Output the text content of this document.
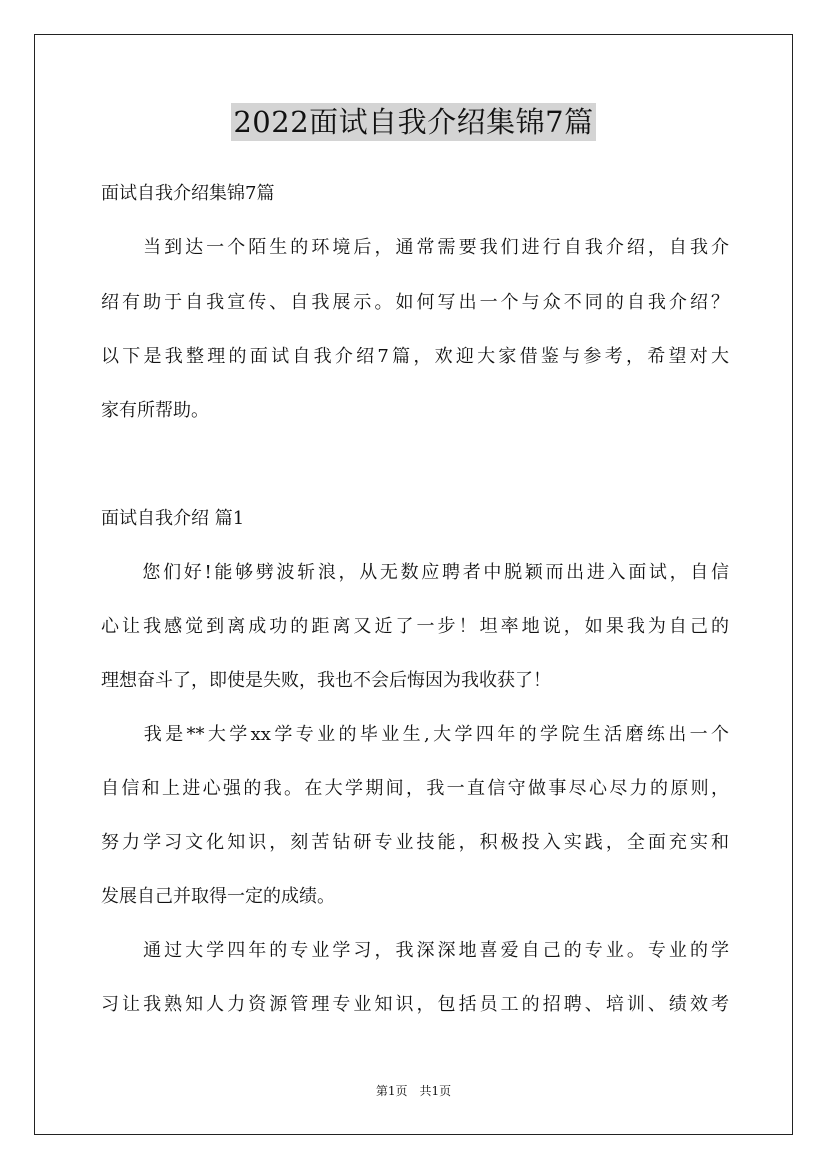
2022面试自我介绍集锦7篇

面试自我介绍集锦7篇

　　当到达一个陌生的环境后，通常需要我们进行自我介绍，自我介

绍有助于自我宣传、自我展示。如何写出一个与众不同的自我介绍？

以下是我整理的面试自我介绍7篇，欢迎大家借鉴与参考，希望对大

家有所帮助。

面试自我介绍 篇1

　　您们好!能够劈波斩浪，从无数应聘者中脱颖而出进入面试，自信

心让我感觉到离成功的距离又近了一步！坦率地说，如果我为自己的

理想奋斗了，即使是失败，我也不会后悔因为我收获了！

　　我是**大学xx学专业的毕业生,大学四年的学院生活磨练出一个

自信和上进心强的我。在大学期间，我一直信守做事尽心尽力的原则，

努力学习文化知识，刻苦钻研专业技能，积极投入实践，全面充实和

发展自己并取得一定的成绩。

　　通过大学四年的专业学习，我深深地喜爱自己的专业。专业的学

习让我熟知人力资源管理专业知识，包括员工的招聘、培训、绩效考

第1页　共1页
